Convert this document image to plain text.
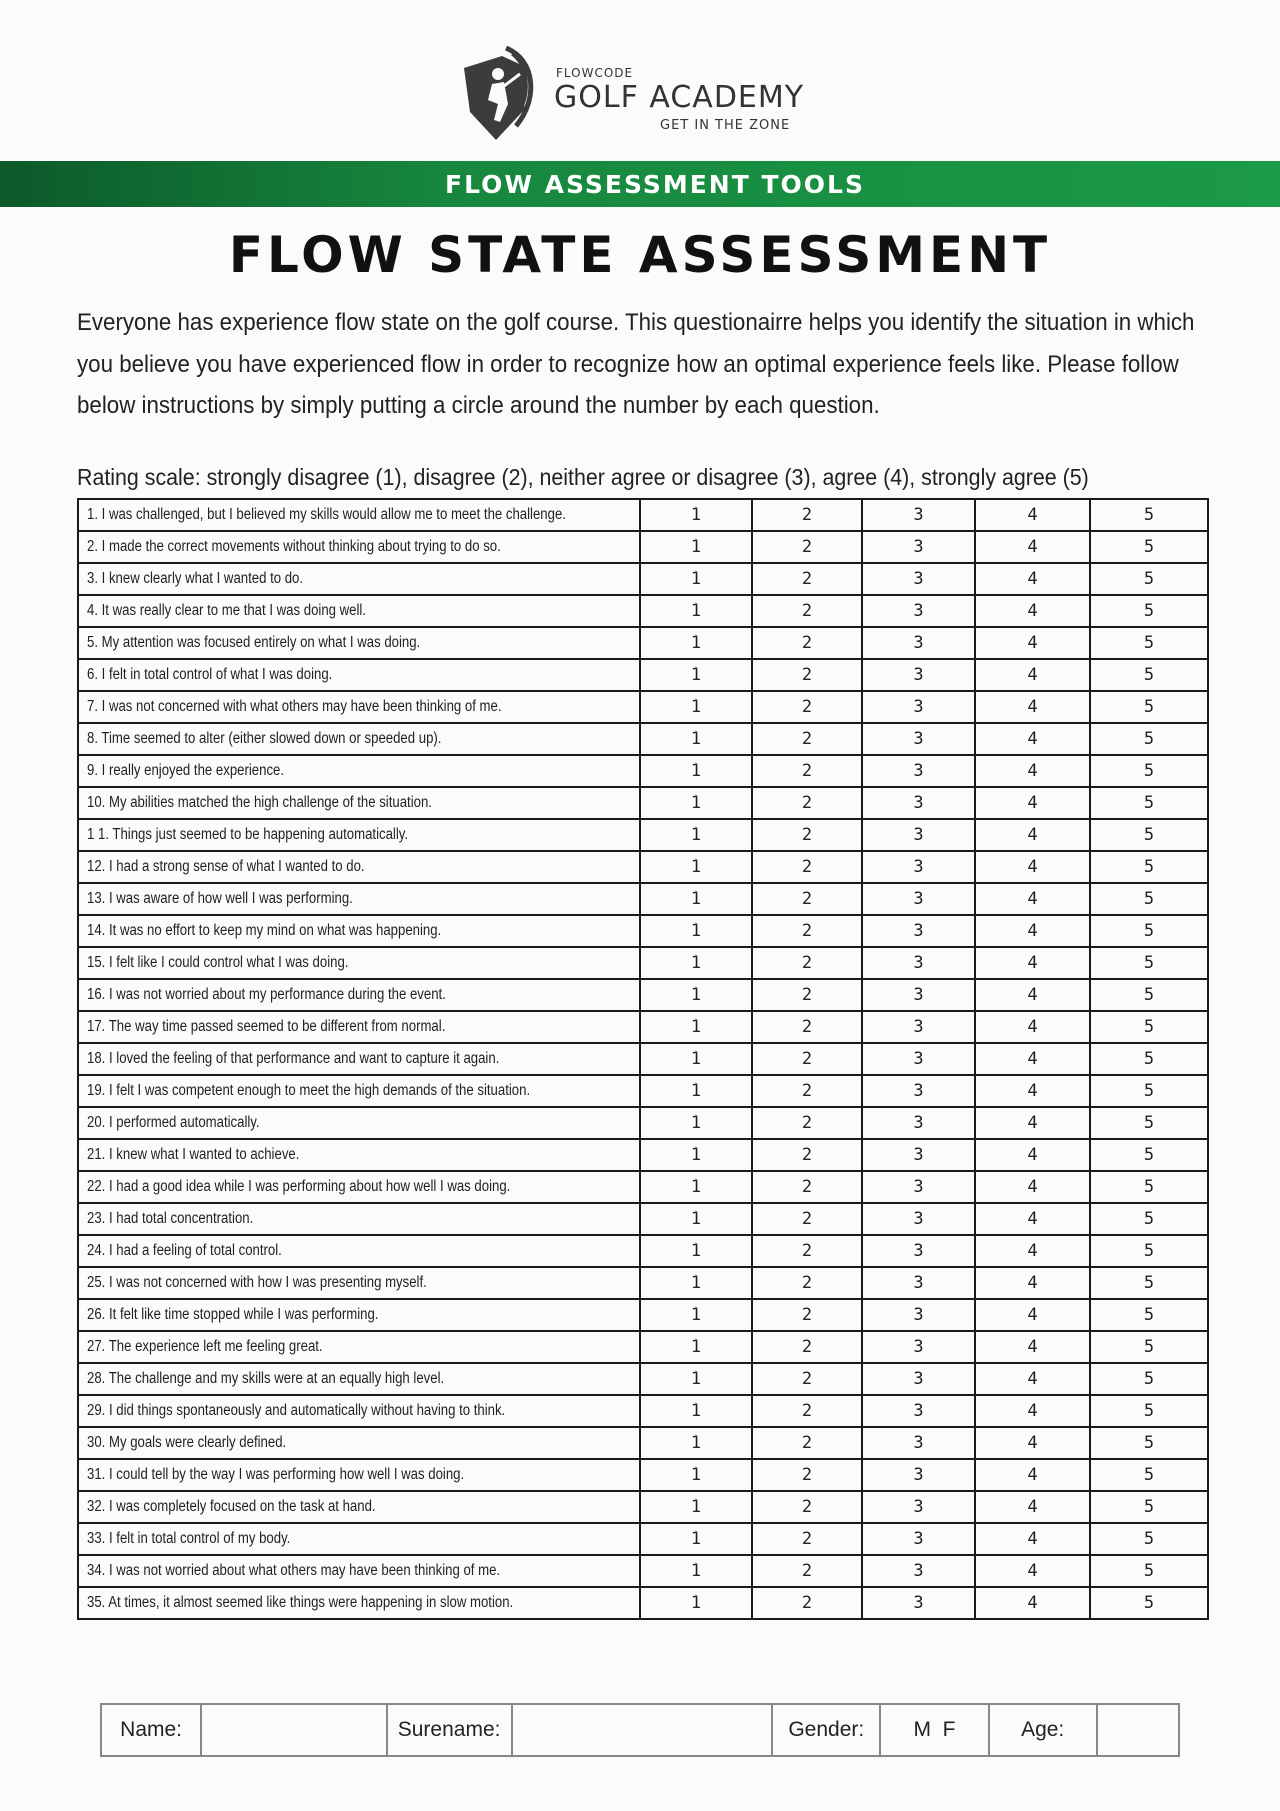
FLOWCODE
GOLF ACADEMY
GET IN THE ZONE
FLOW ASSESSMENT TOOLS
FLOW STATE ASSESSMENT
Everyone has experience flow state on the golf course. This questionairre helps you identify the situation in which you believe you have experienced flow in order to recognize how an optimal experience feels like. Please follow below instructions by simply putting a circle around the number by each question.
Rating scale: strongly disagree (1), disagree (2), neither agree or disagree (3), agree (4), strongly agree (5)
1. I was challenged, but I believed my skills would allow me to meet the challenge.	1	2	3	4	5
2. I made the correct movements without thinking about trying to do so.	1	2	3	4	5
3. I knew clearly what I wanted to do.	1	2	3	4	5
4. It was really clear to me that I was doing well.	1	2	3	4	5
5. My attention was focused entirely on what I was doing.	1	2	3	4	5
6. I felt in total control of what I was doing.	1	2	3	4	5
7. I was not concerned with what others may have been thinking of me.	1	2	3	4	5
8. Time seemed to alter (either slowed down or speeded up).	1	2	3	4	5
9. I really enjoyed the experience.	1	2	3	4	5
10. My abilities matched the high challenge of the situation.	1	2	3	4	5
1 1. Things just seemed to be happening automatically.	1	2	3	4	5
12. I had a strong sense of what I wanted to do.	1	2	3	4	5
13. I was aware of how well I was performing.	1	2	3	4	5
14. It was no effort to keep my mind on what was happening.	1	2	3	4	5
15. I felt like I could control what I was doing.	1	2	3	4	5
16. I was not worried about my performance during the event.	1	2	3	4	5
17. The way time passed seemed to be different from normal.	1	2	3	4	5
18. I loved the feeling of that performance and want to capture it again.	1	2	3	4	5
19. I felt I was competent enough to meet the high demands of the situation.	1	2	3	4	5
20. I performed automatically.	1	2	3	4	5
21. I knew what I wanted to achieve.	1	2	3	4	5
22. I had a good idea while I was performing about how well I was doing.	1	2	3	4	5
23. I had total concentration.	1	2	3	4	5
24. I had a feeling of total control.	1	2	3	4	5
25. I was not concerned with how I was presenting myself.	1	2	3	4	5
26. It felt like time stopped while I was performing.	1	2	3	4	5
27. The experience left me feeling great.	1	2	3	4	5
28. The challenge and my skills were at an equally high level.	1	2	3	4	5
29. I did things spontaneously and automatically without having to think.	1	2	3	4	5
30. My goals were clearly defined.	1	2	3	4	5
31. I could tell by the way I was performing how well I was doing.	1	2	3	4	5
32. I was completely focused on the task at hand.	1	2	3	4	5
33. I felt in total control of my body.	1	2	3	4	5
34. I was not worried about what others may have been thinking of me.	1	2	3	4	5
35. At times, it almost seemed like things were happening in slow motion.	1	2	3	4	5
Name:		Surename:		Gender:	M  F	Age:	
